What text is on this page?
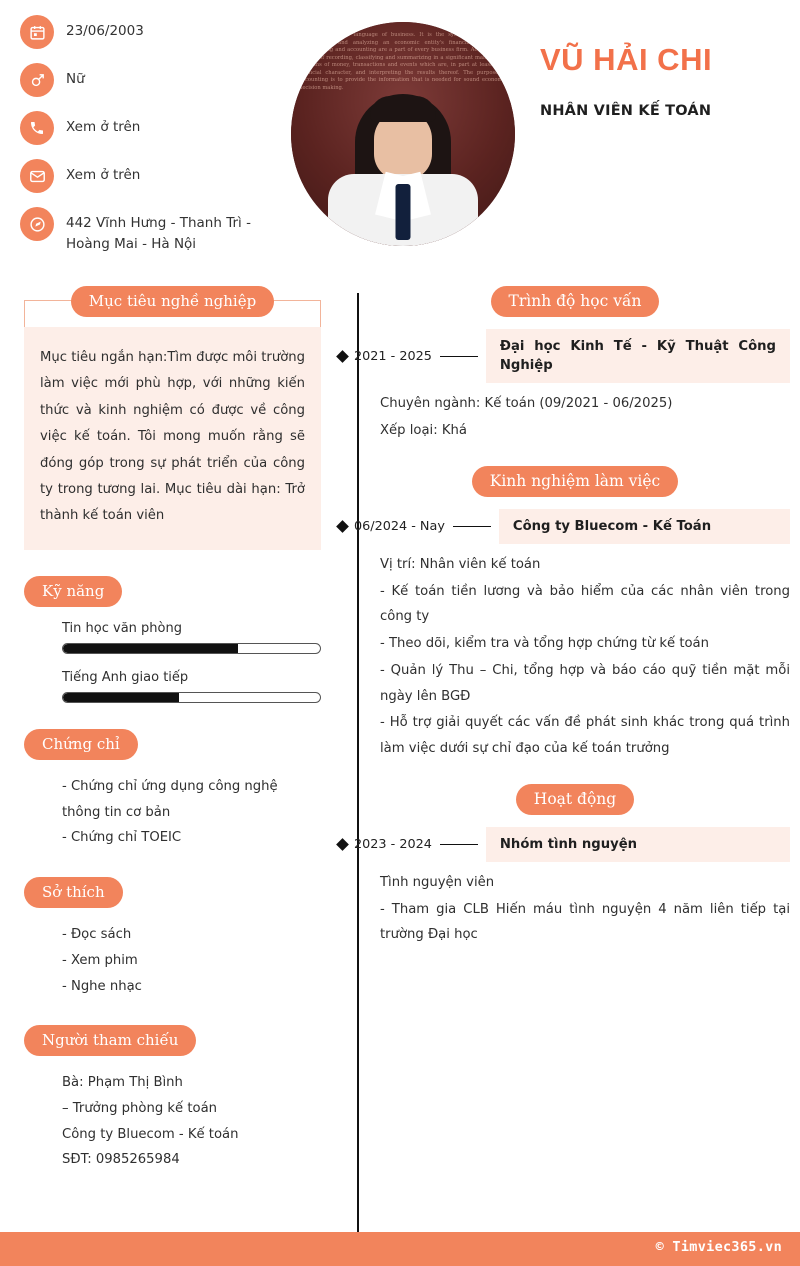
23/06/2003
Nữ
Xem ở trên
Xem ở trên
442 Vĩnh Hưng - Thanh Trì - Hoàng Mai - Hà Nội
Accounting is the language of business. It is the system of recording, summarizing and analyzing an economic entity's financial statements. Bookkeeping and accounting are a part of every business firm. Accounting is the art of recording, classifying and summarizing in a significant manner and in terms of money, transactions and events which are, in part at least, of a financial character, and interpreting the results thereof. The purpose of accounting is to provide the information that is needed for sound economic decision making.
VŨ HẢI CHI
NHÂN VIÊN KẾ TOÁN
Mục tiêu nghề nghiệp
Mục tiêu ngắn hạn:Tìm được môi trường làm việc mới phù hợp, với những kiến thức và kinh nghiệm có được về công việc kế toán. Tôi mong muốn rằng sẽ đóng góp trong sự phát triển của công ty trong tương lai. Mục tiêu dài hạn: Trở thành kế toán viên
Kỹ năng
Tin học văn phòng
Tiếng Anh giao tiếp
Chứng chỉ
- Chứng chỉ ứng dụng công nghệ thông tin cơ bản
- Chứng chỉ TOEIC
Sở thích
- Đọc sách
- Xem phim
- Nghe nhạc
Người tham chiếu
Bà: Phạm Thị Bình
– Trưởng phòng kế toán
Công ty Bluecom - Kế toán
SĐT: 0985265984
Trình độ học vấn
2021 - 2025
Đại học Kinh Tế - Kỹ Thuật Công Nghiệp
Chuyên ngành: Kế toán (09/2021 - 06/2025)
Xếp loại: Khá
Kinh nghiệm làm việc
06/2024 - Nay	Công ty Bluecom - Kế Toán
Vị trí: Nhân viên kế toán
- Kế toán tiền lương và bảo hiểm của các nhân viên trong công ty
- Theo dõi, kiểm tra và tổng hợp chứng từ kế toán
- Quản lý Thu – Chi, tổng hợp và báo cáo quỹ tiền mặt mỗi ngày lên BGĐ
- Hỗ trợ giải quyết các vấn đề phát sinh khác trong quá trình làm việc dưới sự chỉ đạo của kế toán trưởng
Hoạt động
2023 - 2024	Nhóm tình nguyện
Tình nguyện viên
- Tham gia CLB Hiến máu tình nguyện 4 năm liên tiếp tại trường Đại học
© Timviec365.vn
